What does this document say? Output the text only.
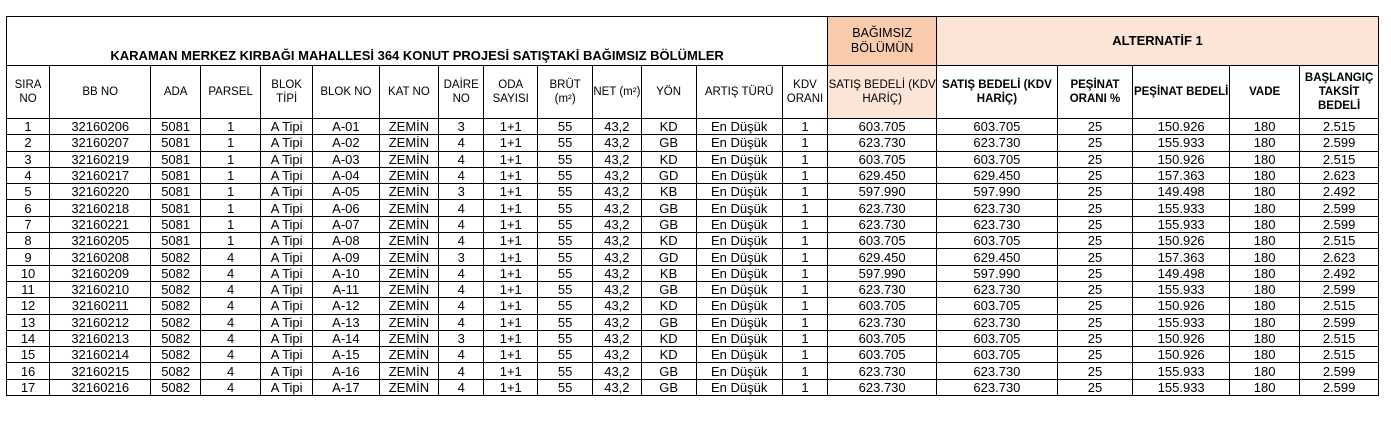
KARAMAN MERKEZ KIRBAĞI MAHALLESİ 364 KONUT PROJESİ SATIŞTAKİ BAĞIMSIZ BÖLÜMLER														BAĞIMSIZ BÖLÜMÜN	ALTERNATİF 1				
SIRA NO	BB NO	ADA	PARSEL	BLOK TİPİ	BLOK NO	KAT NO	DAİRE NO	ODA SAYISI	BRÜT (m²)	NET (m²)	YÖN	ARTIŞ TÜRÜ	KDV ORANI	SATIŞ BEDELİ (KDV HARİÇ)	SATIŞ BEDELİ (KDV HARİÇ)	PEŞİNAT ORANI %	PEŞİNAT BEDELİ	VADE	BAŞLANGIÇ TAKSİT BEDELİ
1	32160206	5081	1	A Tipi	A-01	ZEMİN	3	1+1	55	43,2	KD	En Düşük	1	603.705	603.705	25	150.926	180	2.515
2	32160207	5081	1	A Tipi	A-02	ZEMİN	4	1+1	55	43,2	GB	En Düşük	1	623.730	623.730	25	155.933	180	2.599
3	32160219	5081	1	A Tipi	A-03	ZEMİN	4	1+1	55	43,2	KD	En Düşük	1	603.705	603.705	25	150.926	180	2.515
4	32160217	5081	1	A Tipi	A-04	ZEMİN	4	1+1	55	43,2	GD	En Düşük	1	629.450	629.450	25	157.363	180	2.623
5	32160220	5081	1	A Tipi	A-05	ZEMİN	3	1+1	55	43,2	KB	En Düşük	1	597.990	597.990	25	149.498	180	2.492
6	32160218	5081	1	A Tipi	A-06	ZEMİN	4	1+1	55	43,2	GB	En Düşük	1	623.730	623.730	25	155.933	180	2.599
7	32160221	5081	1	A Tipi	A-07	ZEMİN	4	1+1	55	43,2	GB	En Düşük	1	623.730	623.730	25	155.933	180	2.599
8	32160205	5081	1	A Tipi	A-08	ZEMİN	4	1+1	55	43,2	KD	En Düşük	1	603.705	603.705	25	150.926	180	2.515
9	32160208	5082	4	A Tipi	A-09	ZEMİN	3	1+1	55	43,2	GD	En Düşük	1	629.450	629.450	25	157.363	180	2.623
10	32160209	5082	4	A Tipi	A-10	ZEMİN	4	1+1	55	43,2	KB	En Düşük	1	597.990	597.990	25	149.498	180	2.492
11	32160210	5082	4	A Tipi	A-11	ZEMİN	4	1+1	55	43,2	GB	En Düşük	1	623.730	623.730	25	155.933	180	2.599
12	32160211	5082	4	A Tipi	A-12	ZEMİN	4	1+1	55	43,2	KD	En Düşük	1	603.705	603.705	25	150.926	180	2.515
13	32160212	5082	4	A Tipi	A-13	ZEMİN	4	1+1	55	43,2	GB	En Düşük	1	623.730	623.730	25	155.933	180	2.599
14	32160213	5082	4	A Tipi	A-14	ZEMİN	3	1+1	55	43,2	KD	En Düşük	1	603.705	603.705	25	150.926	180	2.515
15	32160214	5082	4	A Tipi	A-15	ZEMİN	4	1+1	55	43,2	KD	En Düşük	1	603.705	603.705	25	150.926	180	2.515
16	32160215	5082	4	A Tipi	A-16	ZEMİN	4	1+1	55	43,2	GB	En Düşük	1	623.730	623.730	25	155.933	180	2.599
17	32160216	5082	4	A Tipi	A-17	ZEMİN	4	1+1	55	43,2	GB	En Düşük	1	623.730	623.730	25	155.933	180	2.599
